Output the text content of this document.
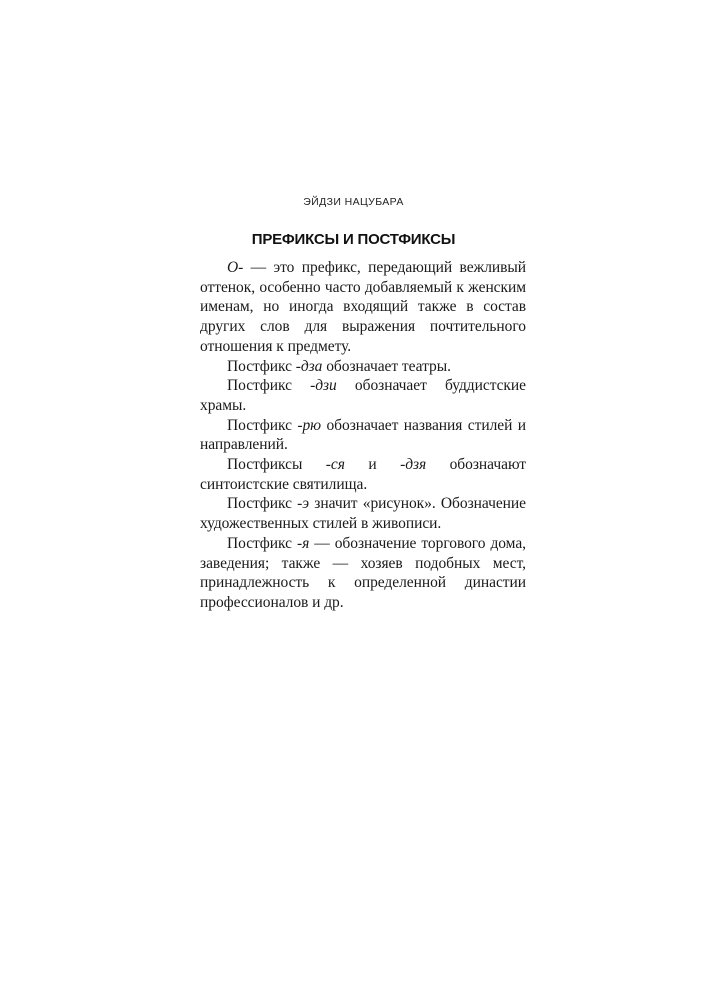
ЭЙДЗИ НАЦУБАРА
ПРЕФИКСЫ И ПОСТФИКСЫ

О- — это префикс, передающий вежливый оттенок, особенно часто добавляемый к женским именам, но иногда входящий также в состав других слов для выражения почтительного отношения к предмету.

Постфикс -дза обозначает театры.

Постфикс -дзи обозначает буддистские храмы.

Постфикс -рю обозначает названия стилей и направлений.

Постфиксы -ся и -дзя обозначают синтоистские святилища.

Постфикс -э значит «рисунок». Обозначение художественных стилей в живописи.

Постфикс -я — обозначение торгового дома, заведения; также — хозяев подобных мест, принадлежность к определенной династии профессионалов и др.
